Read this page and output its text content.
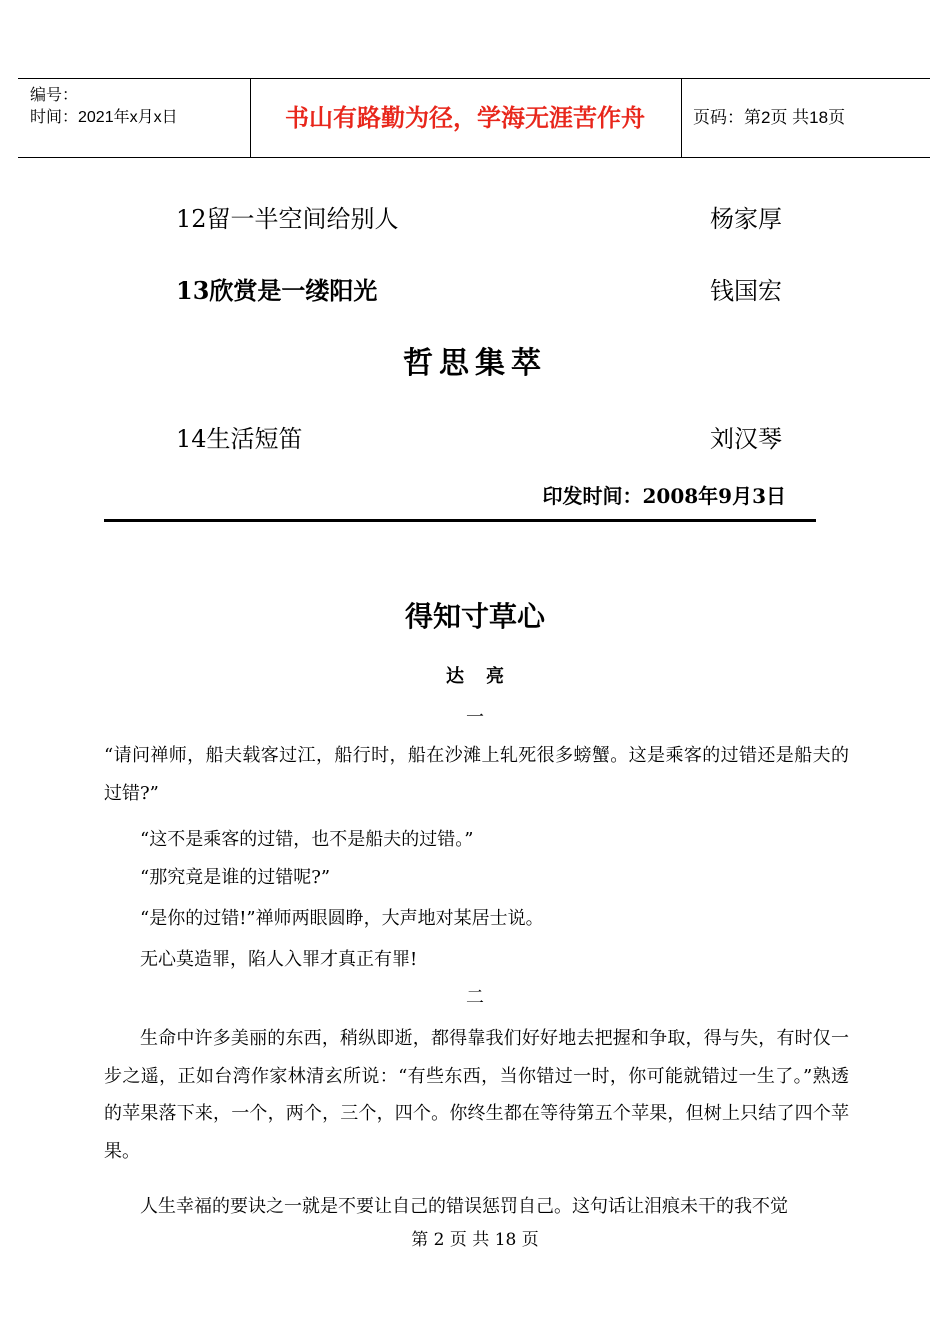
编号：
时间：2021年x月x日	书山有路勤为径，学海无涯苦作舟	页码：第2页 共18页
12留一半空间给别人	杨家厚
13欣赏是一缕阳光	钱国宏
哲思集萃
14生活短笛	刘汉琴
印发时间：2008年9月3日
得知寸草心
达亮
一
“请问禅师，船夫载客过江，船行时，船在沙滩上轧死很多螃蟹。这是乘客的过错还是船夫的过错?”
“这不是乘客的过错，也不是船夫的过错。”
“那究竟是谁的过错呢?”
“是你的过错!”禅师两眼圆睁，大声地对某居士说。
无心莫造罪，陷人入罪才真正有罪!
二
生命中许多美丽的东西，稍纵即逝，都得靠我们好好地去把握和争取，得与失，有时仅一步之遥，正如台湾作家林清玄所说：“有些东西，当你错过一时，你可能就错过一生了。”熟透的苹果落下来，一个，两个，三个，四个。你终生都在等待第五个苹果，但树上只结了四个苹果。
人生幸福的要诀之一就是不要让自己的错误惩罚自己。这句话让泪痕未干的我不觉
第 2 页 共 18 页
